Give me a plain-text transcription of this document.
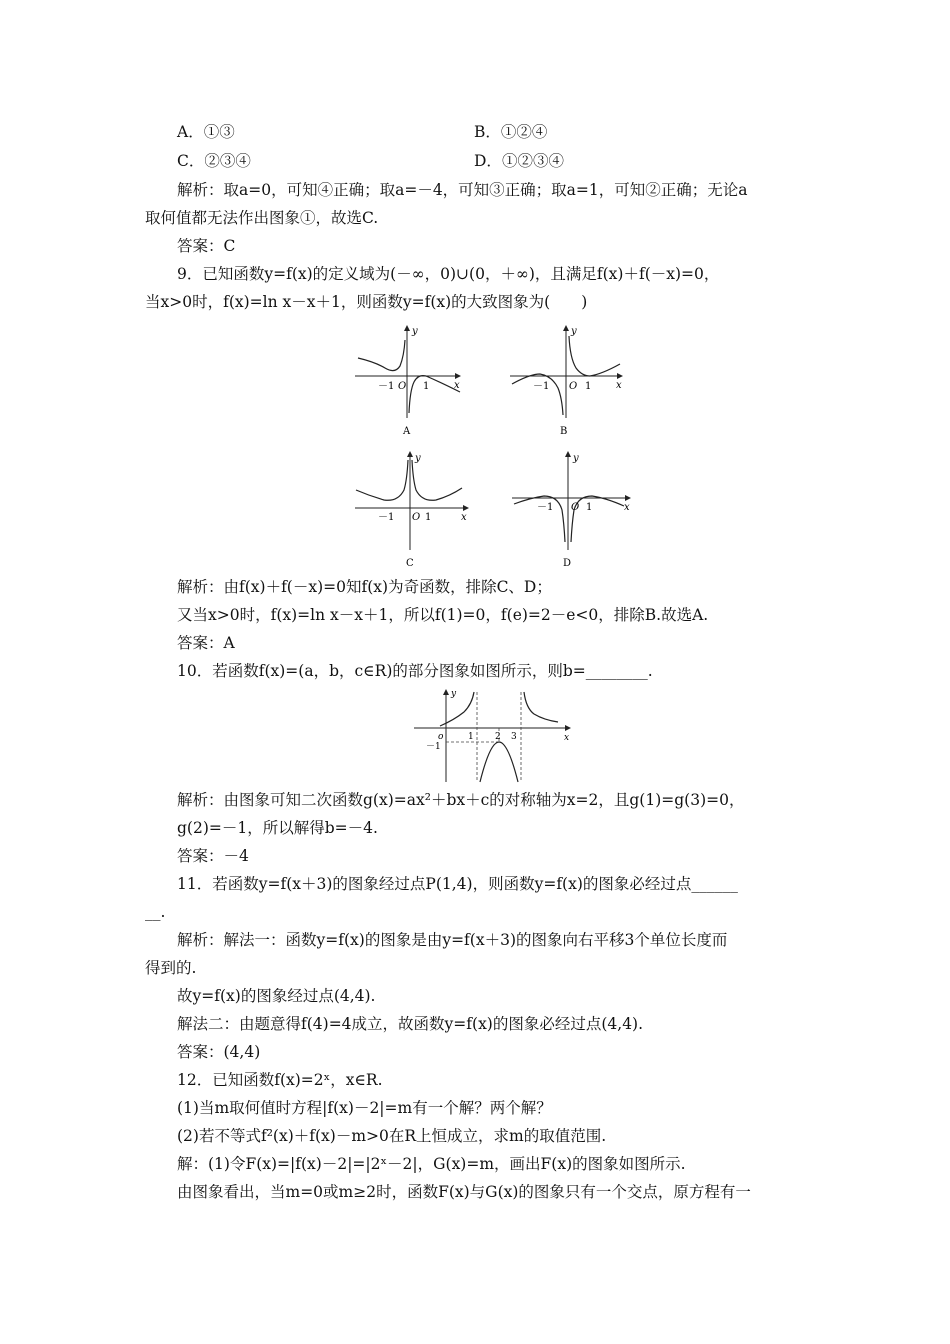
A．①③	B．①②④
C．②③④	D．①②③④
解析：取a=0，可知④正确；取a=－4，可知③正确；取a=1，可知②正确；无论a
取何值都无法作出图象①，故选C.
答案：C
9．已知函数y=f(x)的定义域为(－∞，0)∪(0，＋∞)，且满足f(x)＋f(－x)=0，
当x>0时，f(x)=ln x－x＋1，则函数y=f(x)的大致图象为(　　)
y
x
O
－1	1
A
y
x
O
－1	1
B
y
x
O
－1	1
C
y
x
O
－1	1
D
解析：由f(x)＋f(－x)=0知f(x)为奇函数，排除C、D；
又当x>0时，f(x)=ln x－x＋1，所以f(1)=0，f(e)=2－e<0，排除B.故选A.
答案：A
10．若函数f(x)=(a，b，c∈R)的部分图象如图所示，则b=________.
y
x
o	1 2 3
－1
解析：由图象可知二次函数g(x)=ax²＋bx＋c的对称轴为x=2，且g(1)=g(3)=0，
g(2)=－1，所以解得b=－4.
答案：－4
11．若函数y=f(x＋3)的图象经过点P(1,4)，则函数y=f(x)的图象必经过点______
__.
解析：解法一：函数y=f(x)的图象是由y=f(x＋3)的图象向右平移3个单位长度而
得到的.
故y=f(x)的图象经过点(4,4).
解法二：由题意得f(4)=4成立，故函数y=f(x)的图象必经过点(4,4).
答案：(4,4)
12．已知函数f(x)=2ˣ，x∈R.
(1)当m取何值时方程|f(x)－2|=m有一个解？两个解？
(2)若不等式f²(x)＋f(x)－m>0在R上恒成立，求m的取值范围.
解：(1)令F(x)=|f(x)－2|=|2ˣ－2|，G(x)=m，画出F(x)的图象如图所示.
由图象看出，当m=0或m≥2时，函数F(x)与G(x)的图象只有一个交点，原方程有一
